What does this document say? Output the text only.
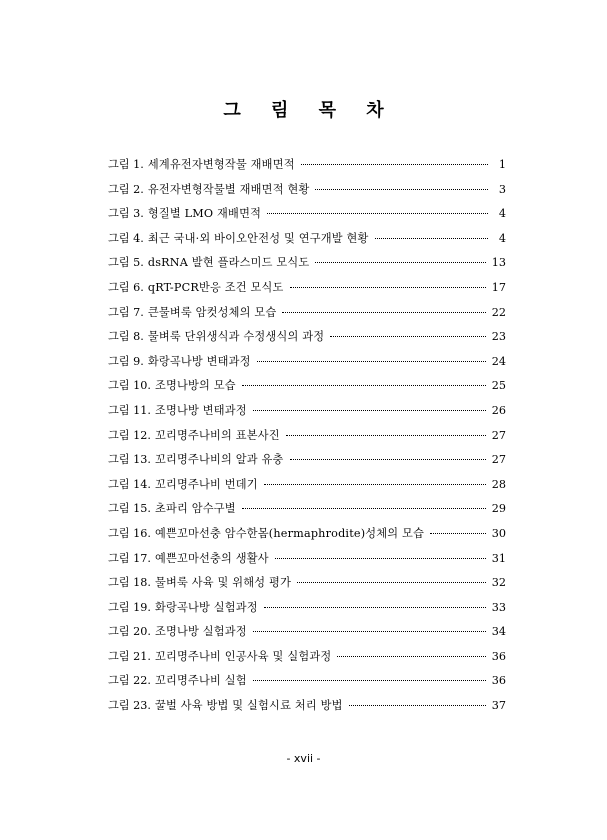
그 림 목 차
그림 1. 세계유전자변형작물 재배면적	1
그림 2. 유전자변형작물별 재배면적 현황	3
그림 3. 형질별 LMO 재배면적	4
그림 4. 최근 국내·외 바이오안전성 및 연구개발 현황	4
그림 5. dsRNA 발현 플라스미드 모식도	13
그림 6. qRT-PCR반응 조건 모식도	17
그림 7. 큰물벼룩 암컷성체의 모습	22
그림 8. 물벼룩 단위생식과 수정생식의 과정	23
그림 9. 화랑곡나방 변태과정	24
그림 10. 조명나방의 모습	25
그림 11. 조명나방 변태과정	26
그림 12. 꼬리명주나비의 표본사진	27
그림 13. 꼬리명주나비의 알과 유충	27
그림 14. 꼬리명주나비 번데기	28
그림 15. 초파리 암수구별	29
그림 16. 예쁜꼬마선충 암수한몸(hermaphrodite)성체의 모습	30
그림 17. 예쁜꼬마선충의 생활사	31
그림 18. 물벼룩 사육 및 위해성 평가	32
그림 19. 화랑곡나방 실험과정	33
그림 20. 조명나방 실험과정	34
그림 21. 꼬리명주나비 인공사육 및 실험과정	36
그림 22. 꼬리명주나비 실험	36
그림 23. 꿀벌 사육 방법 및 실험시료 처리 방법	37
- xvii -
